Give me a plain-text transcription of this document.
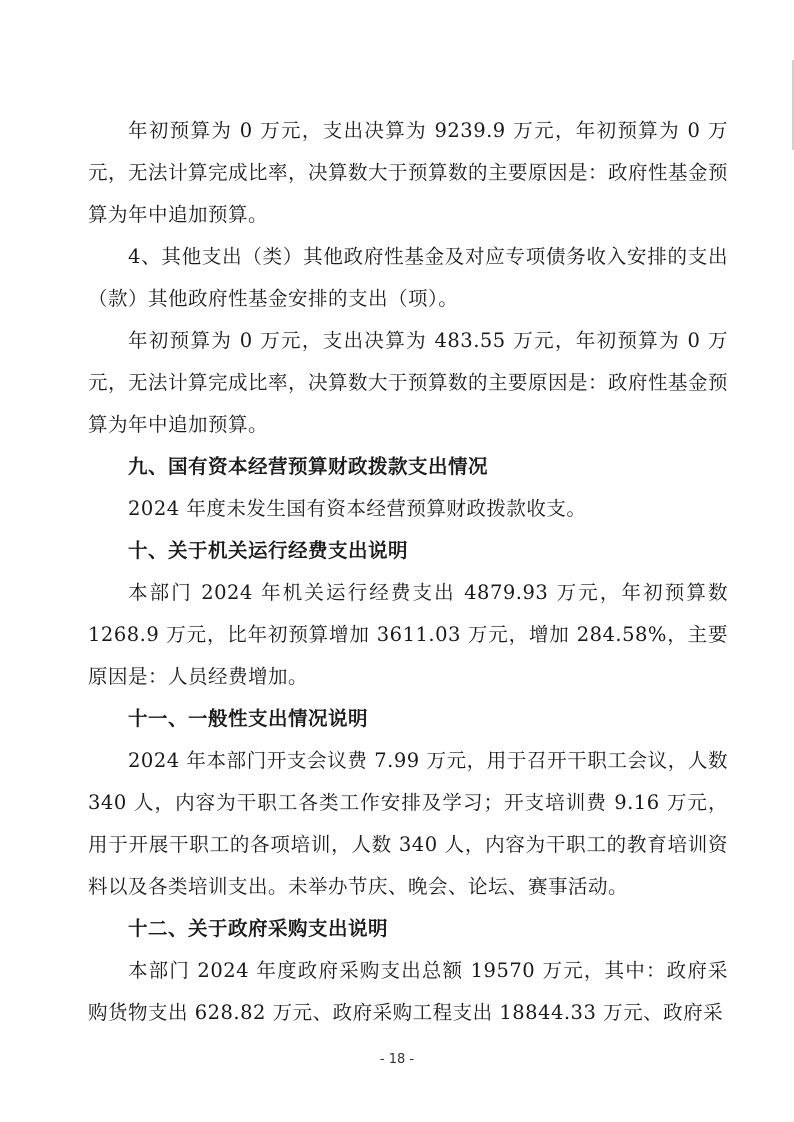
年初预算为 0 万元，支出决算为 9239.9 万元，年初预算为 0 万元，无法计算完成比率，决算数大于预算数的主要原因是：政府性基金预算为年中追加预算。

4、其他支出（类）其他政府性基金及对应专项债务收入安排的支出（款）其他政府性基金安排的支出（项）。

年初预算为 0 万元，支出决算为 483.55 万元，年初预算为 0 万元，无法计算完成比率，决算数大于预算数的主要原因是：政府性基金预算为年中追加预算。

九、国有资本经营预算财政拨款支出情况

2024 年度未发生国有资本经营预算财政拨款收支。

十、关于机关运行经费支出说明

本部门 2024 年机关运行经费支出 4879.93 万元，年初预算数 1268.9 万元，比年初预算增加 3611.03 万元，增加 284.58%，主要原因是：人员经费增加。

十一、一般性支出情况说明

2024 年本部门开支会议费 7.99 万元，用于召开干职工会议，人数 340 人，内容为干职工各类工作安排及学习；开支培训费 9.16 万元，用于开展干职工的各项培训，人数 340 人，内容为干职工的教育培训资料以及各类培训支出。未举办节庆、晚会、论坛、赛事活动。

十二、关于政府采购支出说明

本部门 2024 年度政府采购支出总额 19570 万元，其中：政府采购货物支出 628.82 万元、政府采购工程支出 18844.33 万元、政府采

- 18 -
